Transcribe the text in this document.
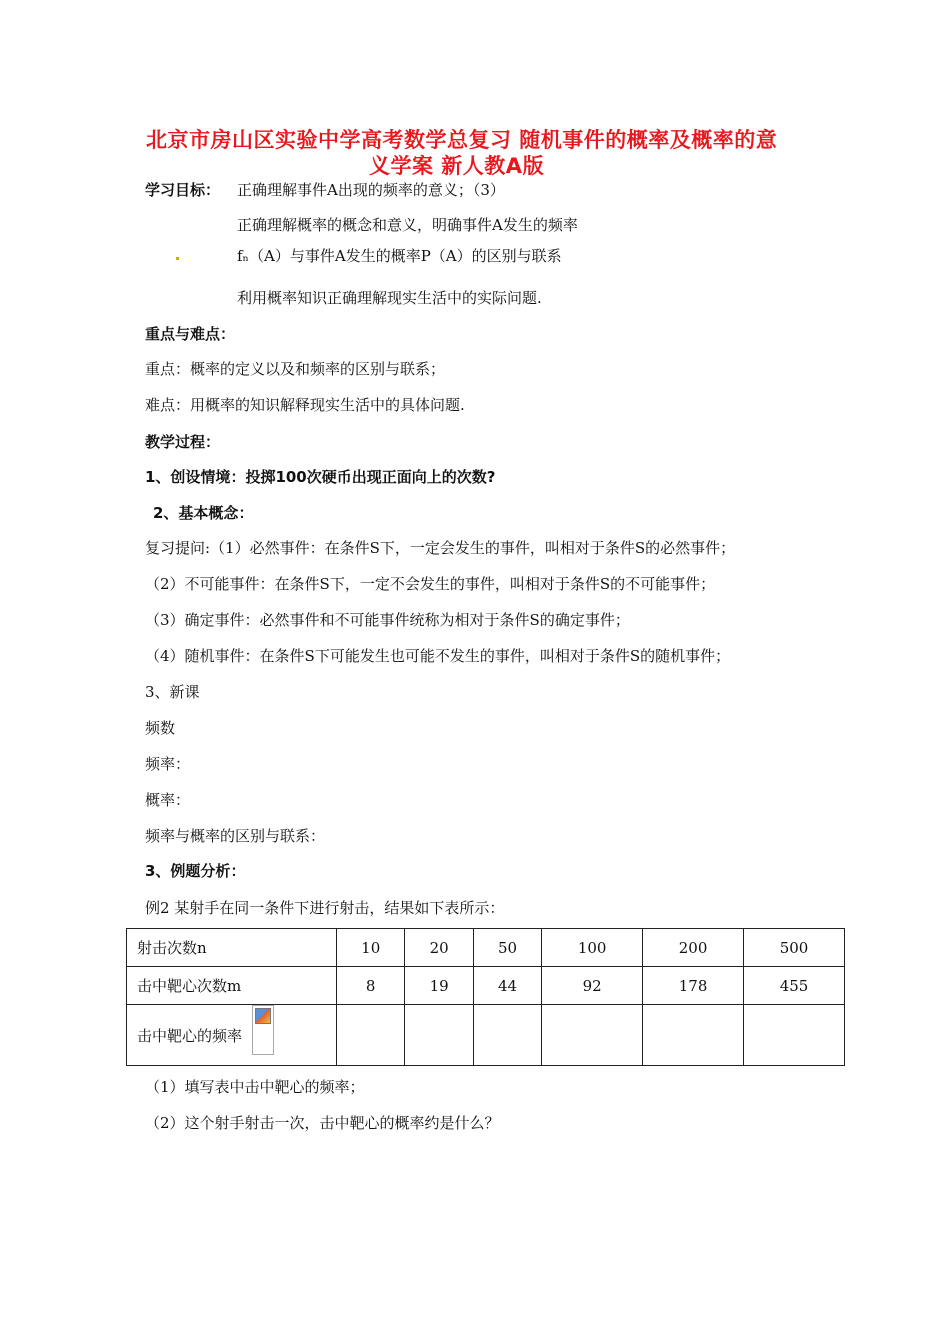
北京市房山区实验中学高考数学总复习 随机事件的概率及概率的意
义学案 新人教A版
学习目标： 正确理解事件A出现的频率的意义；（3）
正确理解概率的概念和意义，明确事件A发生的频率
fₙ（A）与事件A发生的概率P（A）的区别与联系
利用概率知识正确理解现实生活中的实际问题.
重点与难点：
重点：概率的定义以及和频率的区别与联系；
难点：用概率的知识解释现实生活中的具体问题.
教学过程：
1、创设情境：投掷100次硬币出现正面向上的次数?
2、基本概念：
复习提问:（1）必然事件：在条件S下，一定会发生的事件，叫相对于条件S的必然事件；
（2）不可能事件：在条件S下，一定不会发生的事件，叫相对于条件S的不可能事件；
（3）确定事件：必然事件和不可能事件统称为相对于条件S的确定事件；
（4）随机事件：在条件S下可能发生也可能不发生的事件，叫相对于条件S的随机事件；
3、新课
频数
频率：
概率：
频率与概率的区别与联系：
3、例题分析：
例2 某射手在同一条件下进行射击，结果如下表所示：
射击次数n	10	20	50	100	200	500
击中靶心次数m	8	19	44	92	178	455
击中靶心的频率						
（1）填写表中击中靶心的频率；
（2）这个射手射击一次，击中靶心的概率约是什么？
